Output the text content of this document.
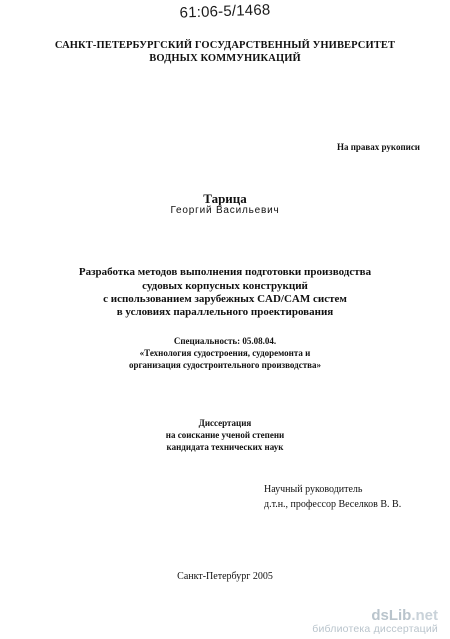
61:06-5/1468
САНКТ-ПЕТЕРБУРГСКИЙ ГОСУДАРСТВЕННЫЙ УНИВЕРСИТЕТ
ВОДНЫХ КОММУНИКАЦИЙ
На правах рукописи
Тарица
Георгий Васильевич
Разработка методов выполнения подготовки производства
судовых корпусных конструкций
с использованием зарубежных CAD/CAM систем
в условиях параллельного проектирования
Специальность: 05.08.04.
«Технология судостроения, судоремонта и
организация судостроительного производства»
Диссертация
на соискание ученой степени
кандидата технических наук
Научный руководитель
д.т.н., профессор Веселков В. В.
Санкт-Петербург 2005
dsLib.net
библиотека диссертаций
